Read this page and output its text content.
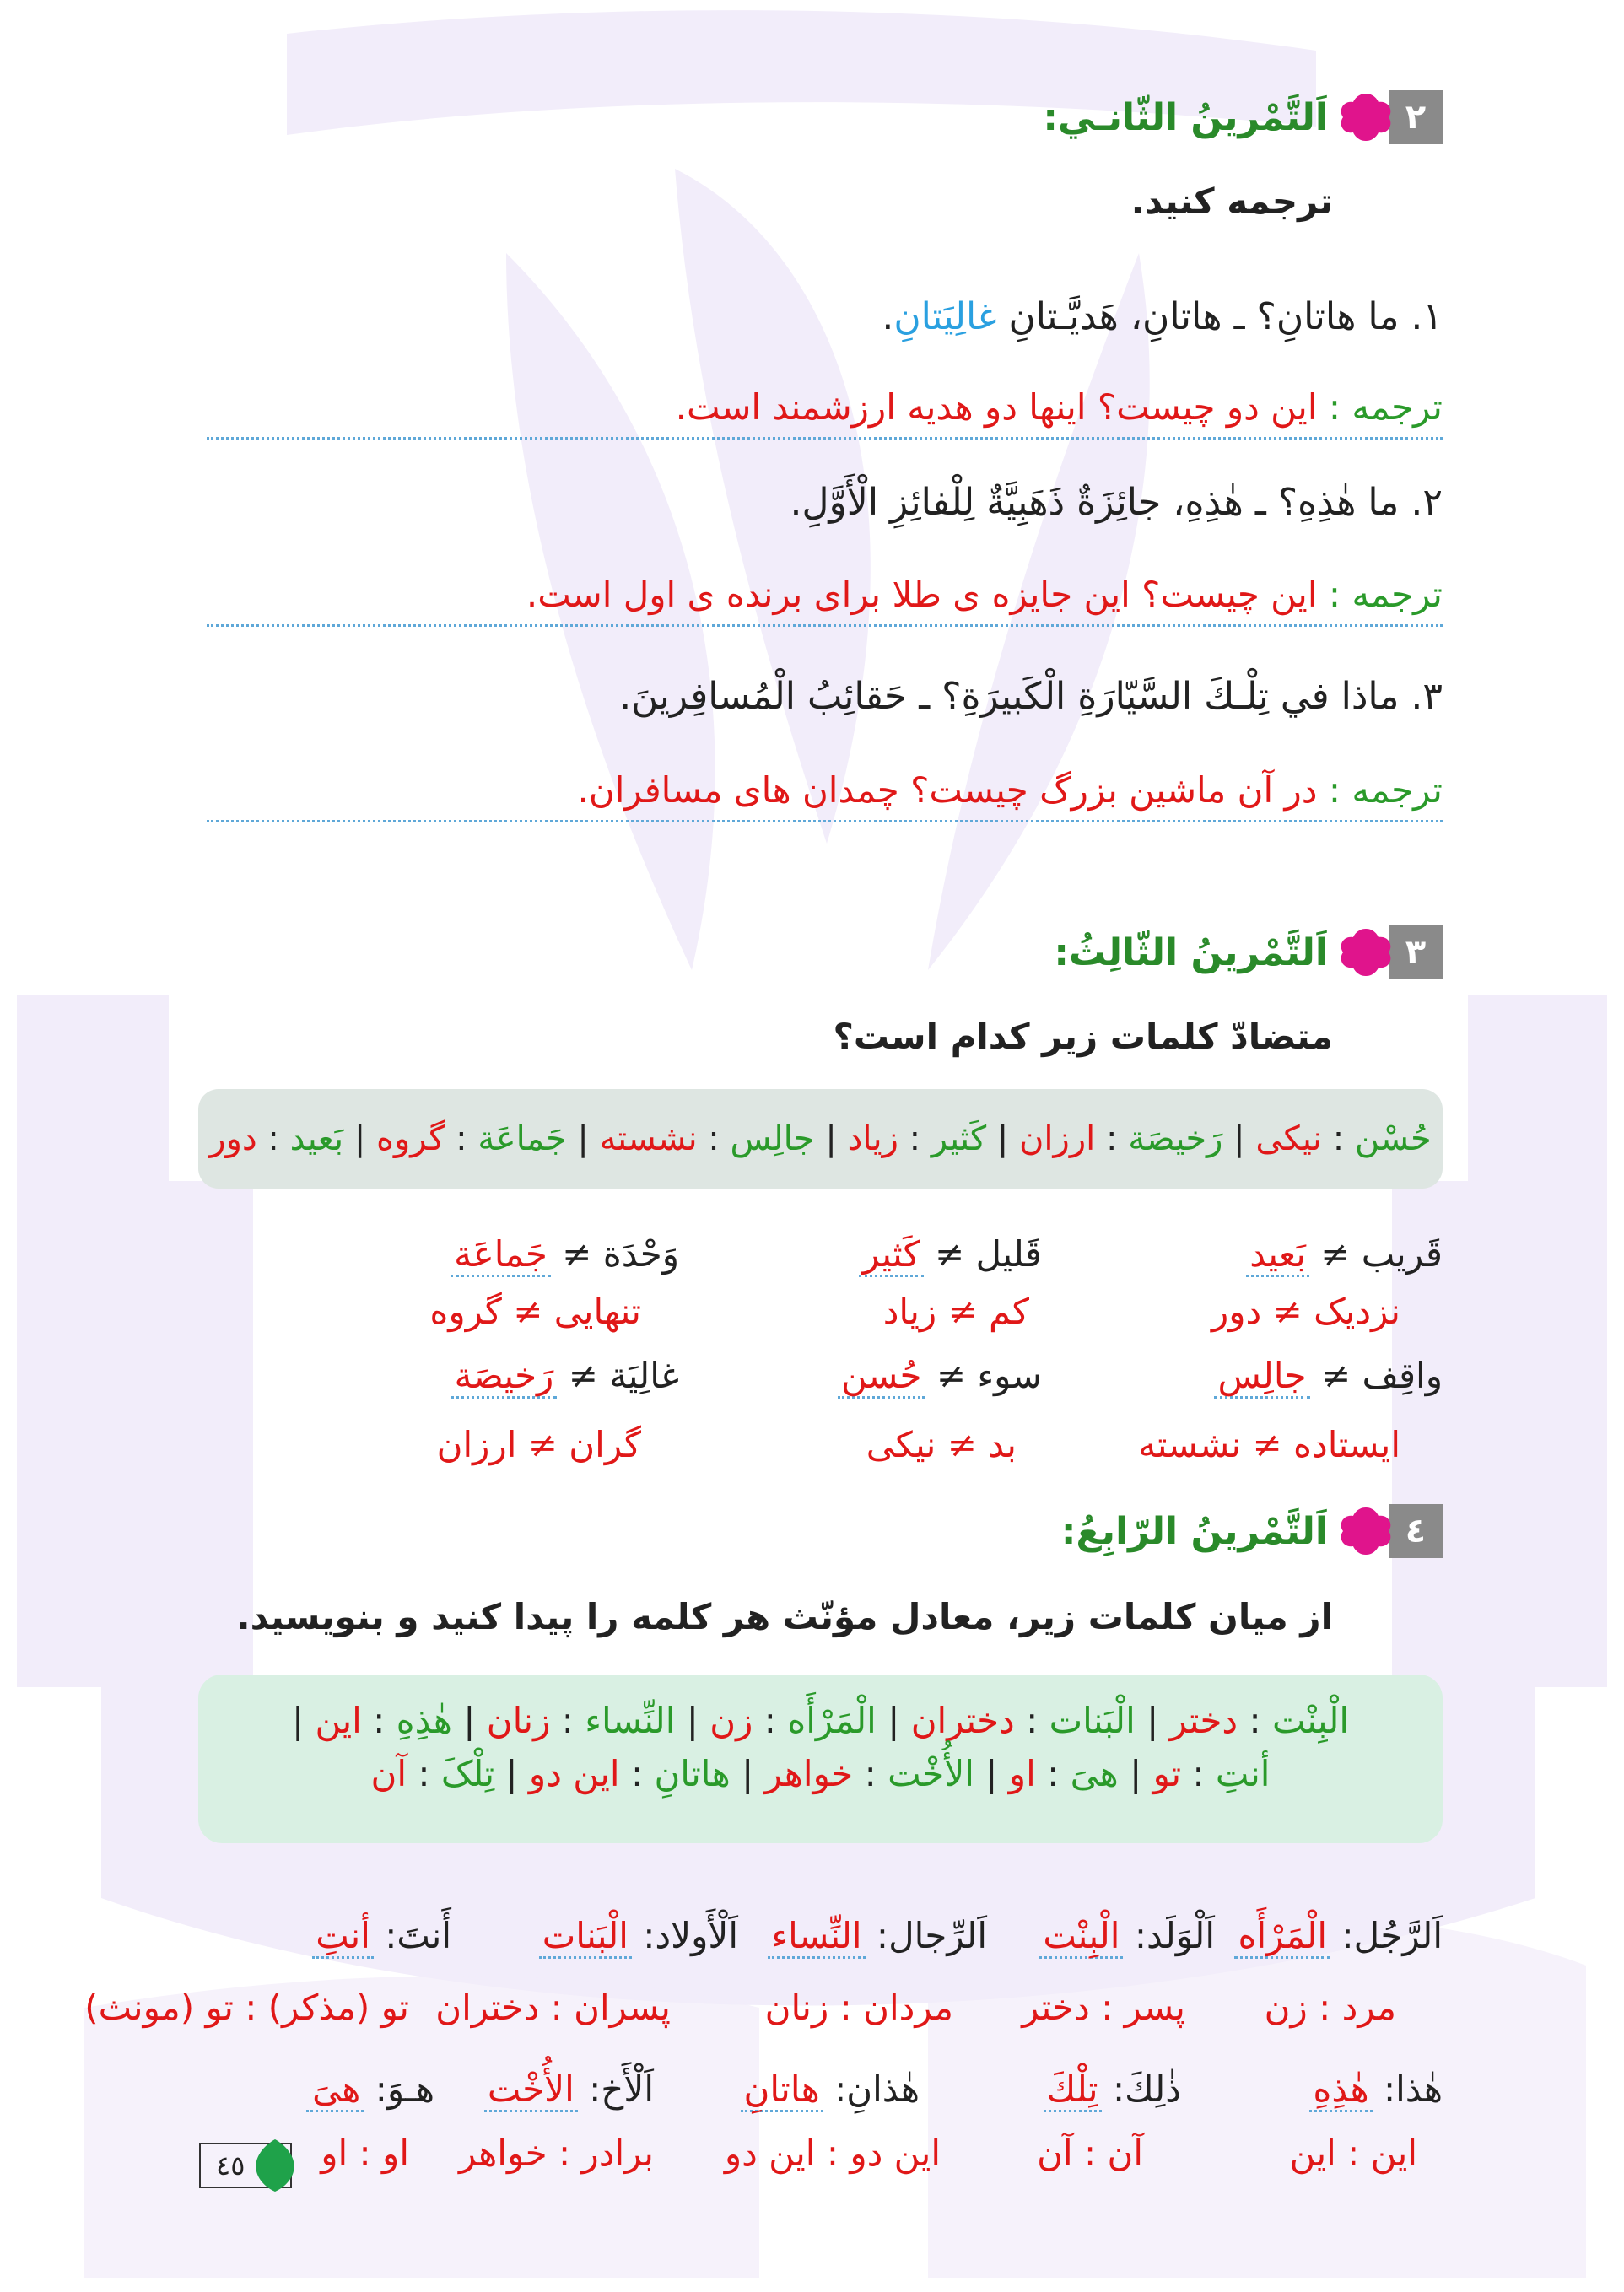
۲
اَلتَّمْرينُ الثّانـي:
ترجمه کنید.
۱. ما هاتانِ؟ ـ هاتانِ، هَديَّـتانِ غالِيَتانِ.
ترجمه : این دو چیست؟ اینها دو هدیه ارزشمند است.
۲. ما هٰذِهِ؟ ـ هٰذِهِ، جائِزَةٌ ذَهَبِيَّةٌ لِلْفائِزِ الْأَوَّلِ.
ترجمه : این چیست؟ این جایزه ی طلا برای برنده ی اول است.
۳. ماذا في تِلْـكَ السَّيّارَةِ الْكَبيرَةِ؟ ـ حَقائِبُ الْمُسافِرينَ.
ترجمه : در آن ماشین بزرگ چیست؟ چمدان های مسافران.
۳
اَلتَّمْرينُ الثّالِثُ:
متضادّ کلمات زیر کدام است؟
حُسْن : نیکی | رَخیصَة : ارزان | کَثیر : زیاد | جالِس : نشسته | جَماعَة : گروه | بَعید : دور
قَريب ≠ بَعيد
قَليل ≠ كَثير
وَحْدَة ≠ جَماعَة
نزدیک ≠ دور
کم ≠ زیاد
تنهایی ≠ گروه
واقِف ≠ جالِس
سوء ≠ حُسن
غالِيَة ≠ رَخيصَة
ایستاده ≠ نشسته
بد ≠ نیکی
گران ≠ ارزان
٤
اَلتَّمْرينُ الرّابِعُ:
از میان کلمات زیر، معادل مؤنّث هر کلمه را پیدا کنید و بنویسید.
الْبِنْت : دختر | الْبَنات : دختران | الْمَرْأَه : زن | النِّساء : زنان | هٰذِهِ : این |
أنتِ : تو | هیَ : او | الأُخْت : خواهر | هاتانِ : این دو | تِلْکَ : آن
اَلرَّجُل: الْمَرْأَه
اَلْوَلَد: الْبِنْت
اَلرِّجال: النِّساء
اَلْأَولاد: الْبَنات
أَنتَ: أنتِ
مرد : زن
پسر : دختر
مردان : زنان
پسران : دختران
تو (مذکر) : تو (مونث)
هٰذا: هٰذِهِ
ذٰلِكَ: تِلْكَ
هٰذانِ: هاتانِ
اَلْأَخ: الأُخْت
هـوَ: هیَ
این : این
آن : آن
این دو : این دو
برادر : خواهر
او : او
٤٥
